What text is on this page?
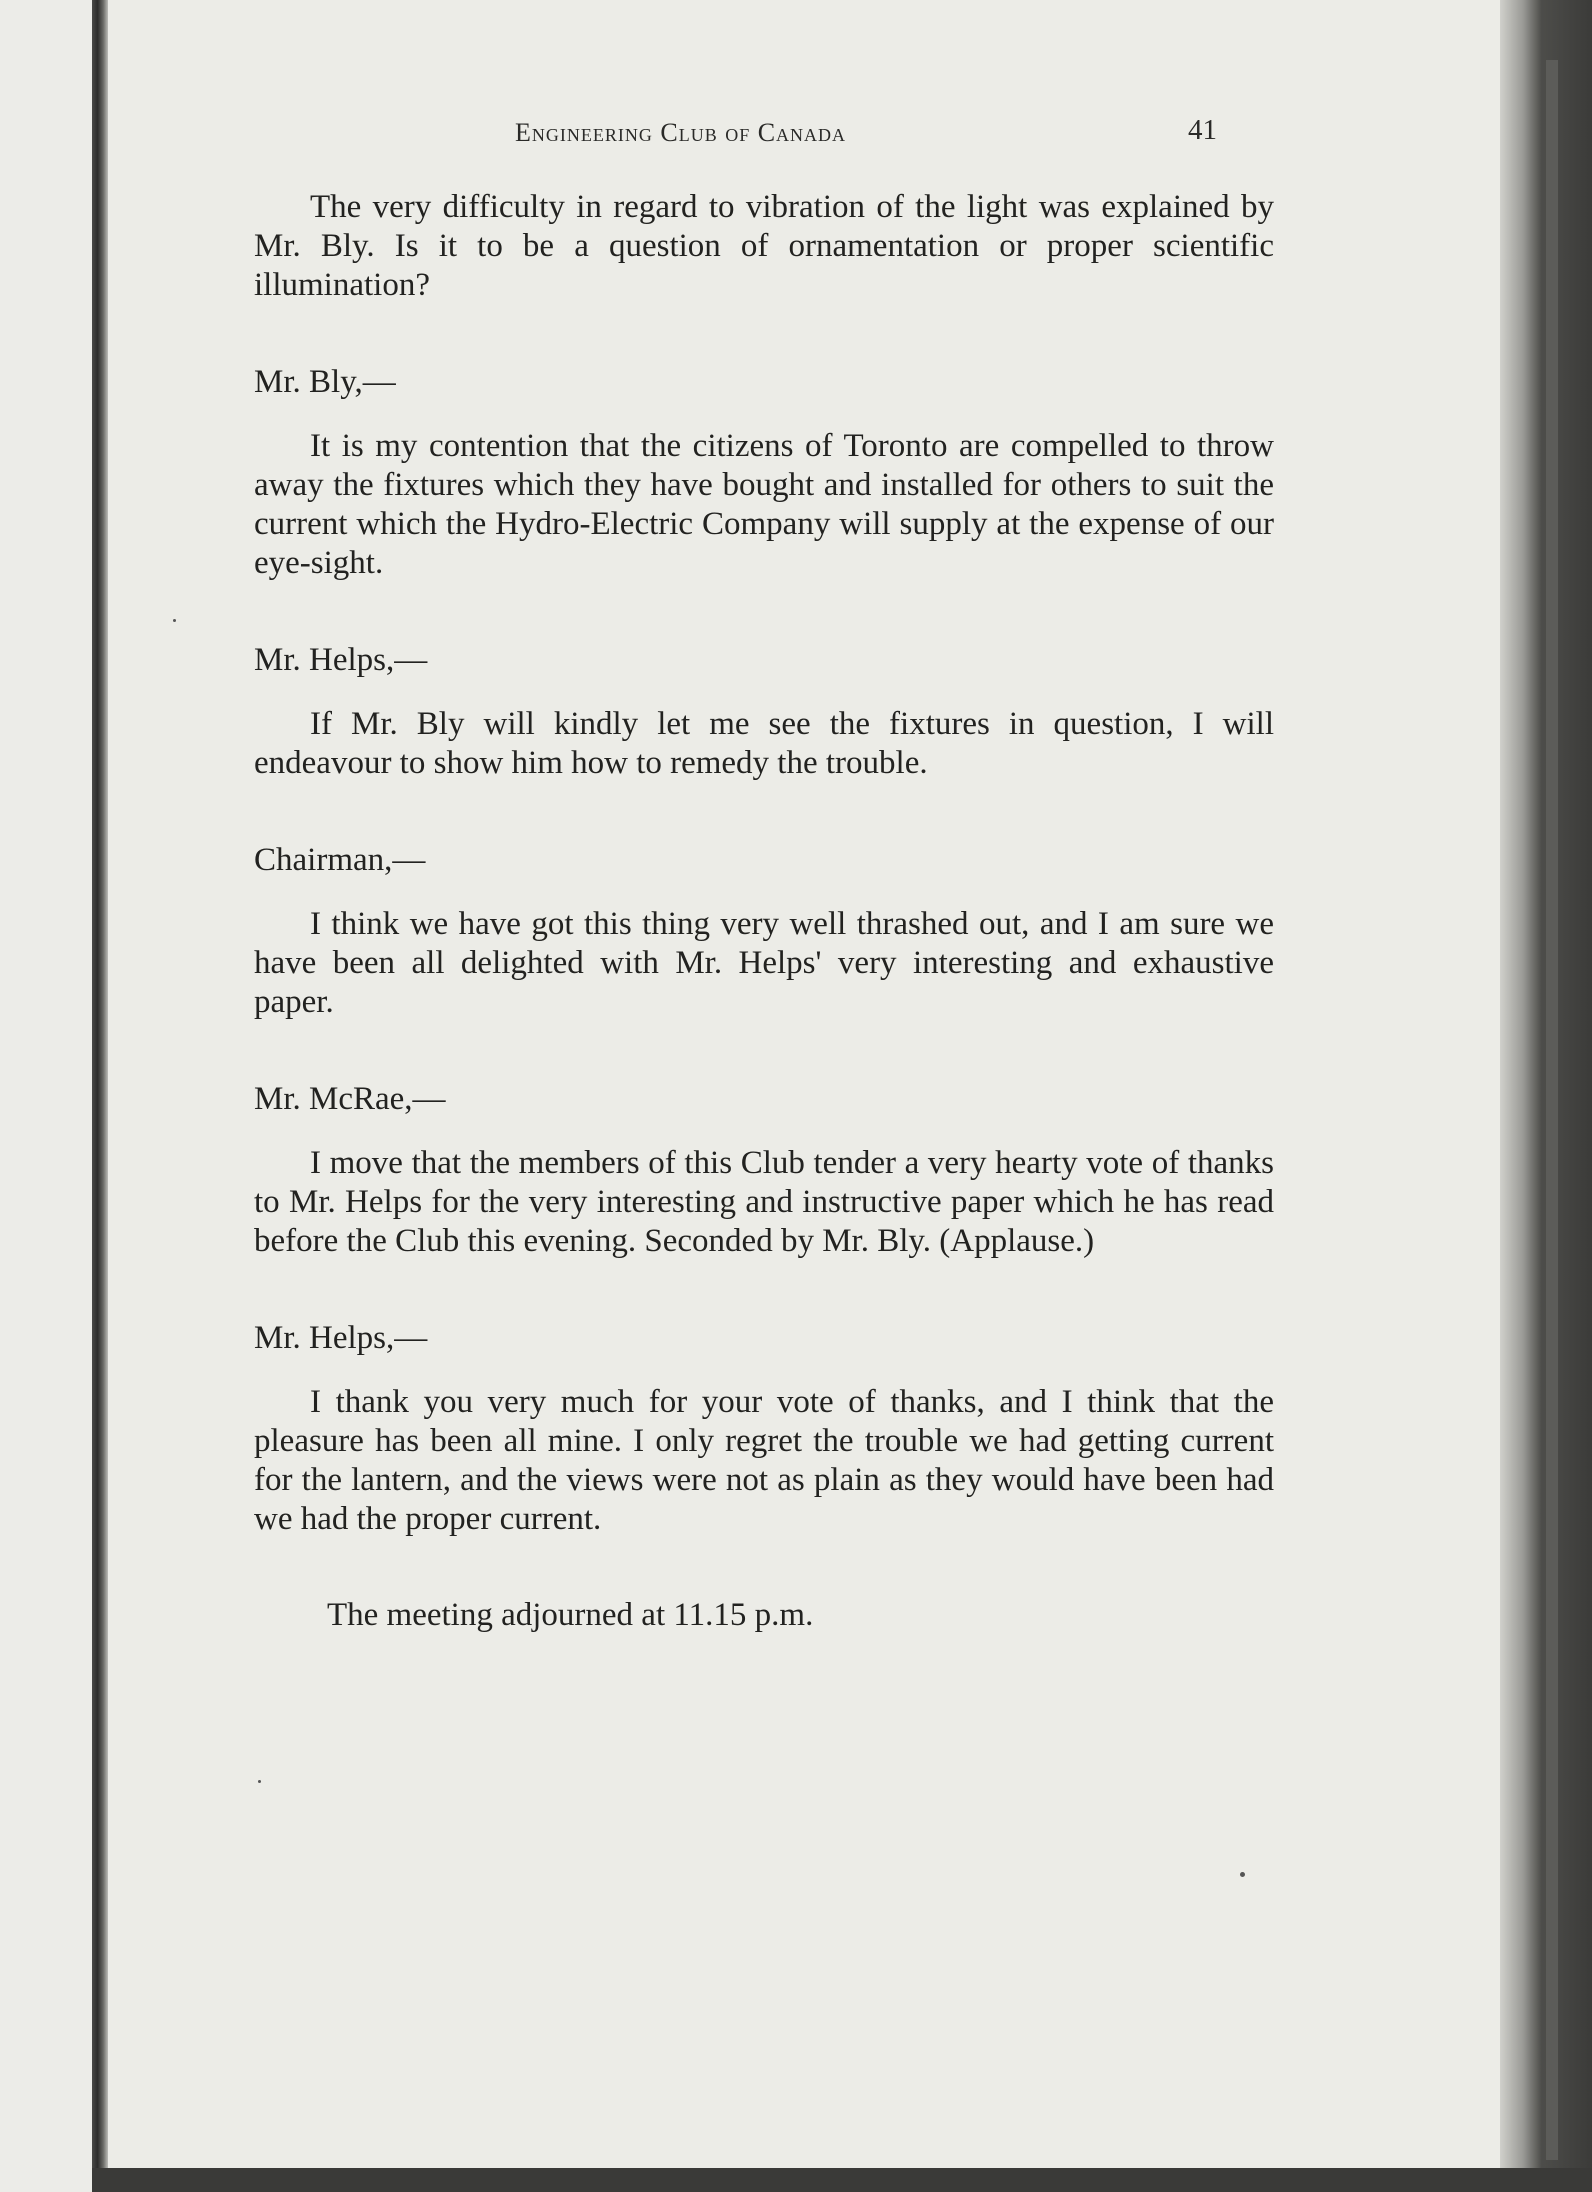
Engineering Club of Canada	41

The very difficulty in regard to vibration of the light was explained by Mr. Bly. Is it to be a question of ornamentation or proper scientific illumination?

Mr. Bly,—

It is my contention that the citizens of Toronto are compelled to throw away the fixtures which they have bought and installed for others to suit the current which the Hydro-Electric Company will supply at the expense of our eye-sight.

Mr. Helps,—

If Mr. Bly will kindly let me see the fixtures in question, I will endeavour to show him how to remedy the trouble.

Chairman,—

I think we have got this thing very well thrashed out, and I am sure we have been all delighted with Mr. Helps' very interesting and exhaustive paper.

Mr. McRae,—

I move that the members of this Club tender a very hearty vote of thanks to Mr. Helps for the very interesting and instructive paper which he has read before the Club this evening. Seconded by Mr. Bly. (Applause.)

Mr. Helps,—

I thank you very much for your vote of thanks, and I think that the pleasure has been all mine. I only regret the trouble we had getting current for the lantern, and the views were not as plain as they would have been had we had the proper current.

The meeting adjourned at 11.15 p.m.
